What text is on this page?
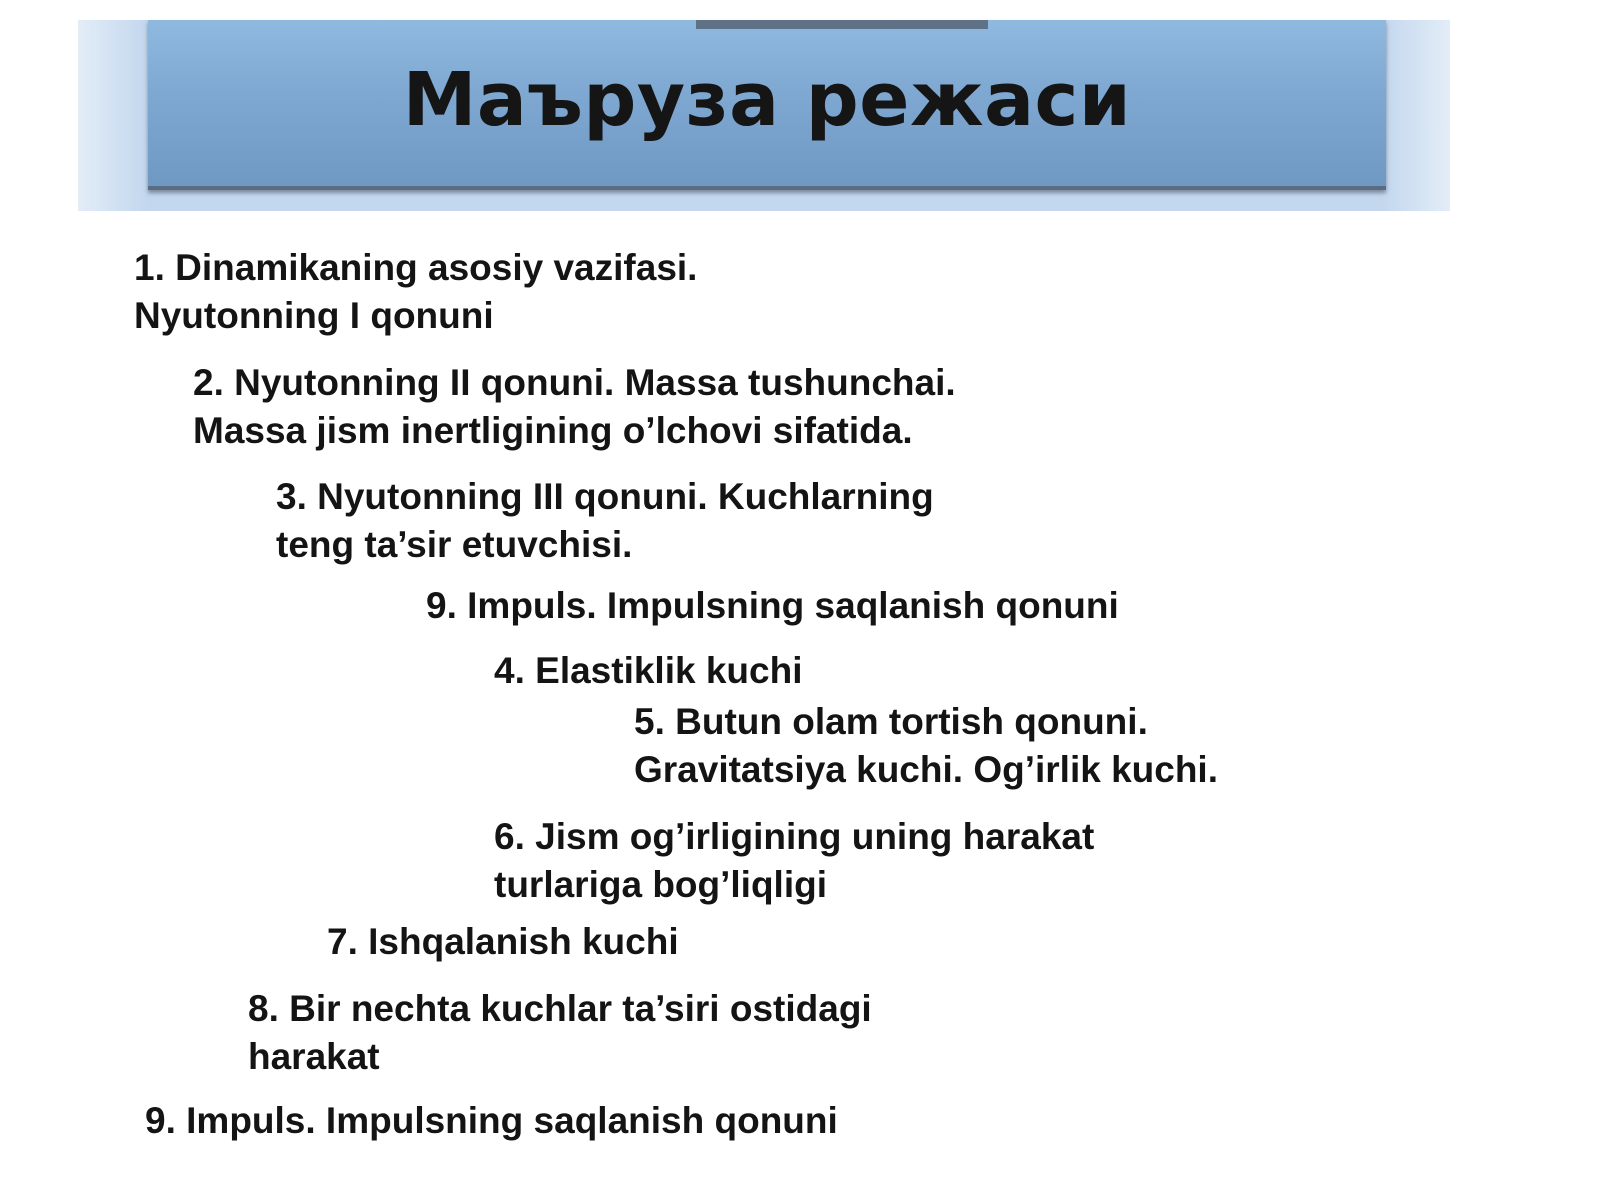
Маъруза режаси
1. Dinamikaning asosiy vazifasi.
Nyutonning I qonuni
2. Nyutonning II qonuni. Massa tushunchai.
Massa jism inertligining o’lchovi sifatida.
3. Nyutonning III qonuni. Kuchlarning
teng ta’sir etuvchisi.
9. Impuls. Impulsning saqlanish qonuni
4. Elastiklik kuchi
5. Butun olam tortish qonuni.
Gravitatsiya kuchi. Og’irlik kuchi.
6. Jism og’irligining uning harakat
turlariga bog’liqligi
7. Ishqalanish kuchi
8. Bir nechta kuchlar ta’siri ostidagi
harakat
9. Impuls. Impulsning saqlanish qonuni
